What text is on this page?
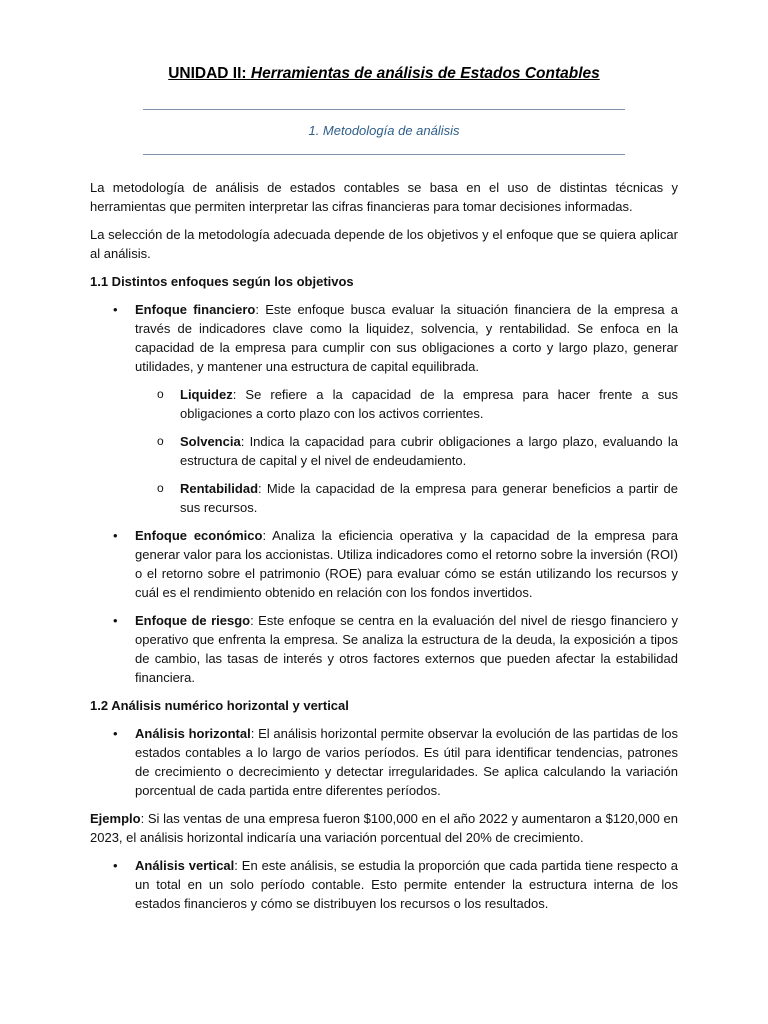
UNIDAD II: Herramientas de análisis de Estados Contables
1. Metodología de análisis

La metodología de análisis de estados contables se basa en el uso de distintas técnicas y herramientas que permiten interpretar las cifras financieras para tomar decisiones informadas.

La selección de la metodología adecuada depende de los objetivos y el enfoque que se quiera aplicar al análisis.

1.1 Distintos enfoques según los objetivos

• Enfoque financiero: Este enfoque busca evaluar la situación financiera de la empresa a través de indicadores clave como la liquidez, solvencia, y rentabilidad. Se enfoca en la capacidad de la empresa para cumplir con sus obligaciones a corto y largo plazo, generar utilidades, y mantener una estructura de capital equilibrada.
o Liquidez: Se refiere a la capacidad de la empresa para hacer frente a sus obligaciones a corto plazo con los activos corrientes.
o Solvencia: Indica la capacidad para cubrir obligaciones a largo plazo, evaluando la estructura de capital y el nivel de endeudamiento.
o Rentabilidad: Mide la capacidad de la empresa para generar beneficios a partir de sus recursos.
• Enfoque económico: Analiza la eficiencia operativa y la capacidad de la empresa para generar valor para los accionistas. Utiliza indicadores como el retorno sobre la inversión (ROI) o el retorno sobre el patrimonio (ROE) para evaluar cómo se están utilizando los recursos y cuál es el rendimiento obtenido en relación con los fondos invertidos.
• Enfoque de riesgo: Este enfoque se centra en la evaluación del nivel de riesgo financiero y operativo que enfrenta la empresa. Se analiza la estructura de la deuda, la exposición a tipos de cambio, las tasas de interés y otros factores externos que pueden afectar la estabilidad financiera.

1.2 Análisis numérico horizontal y vertical

• Análisis horizontal: El análisis horizontal permite observar la evolución de las partidas de los estados contables a lo largo de varios períodos. Es útil para identificar tendencias, patrones de crecimiento o decrecimiento y detectar irregularidades. Se aplica calculando la variación porcentual de cada partida entre diferentes períodos.

Ejemplo: Si las ventas de una empresa fueron $100,000 en el año 2022 y aumentaron a $120,000 en 2023, el análisis horizontal indicaría una variación porcentual del 20% de crecimiento.

• Análisis vertical: En este análisis, se estudia la proporción que cada partida tiene respecto a un total en un solo período contable. Esto permite entender la estructura interna de los estados financieros y cómo se distribuyen los recursos o los resultados.
